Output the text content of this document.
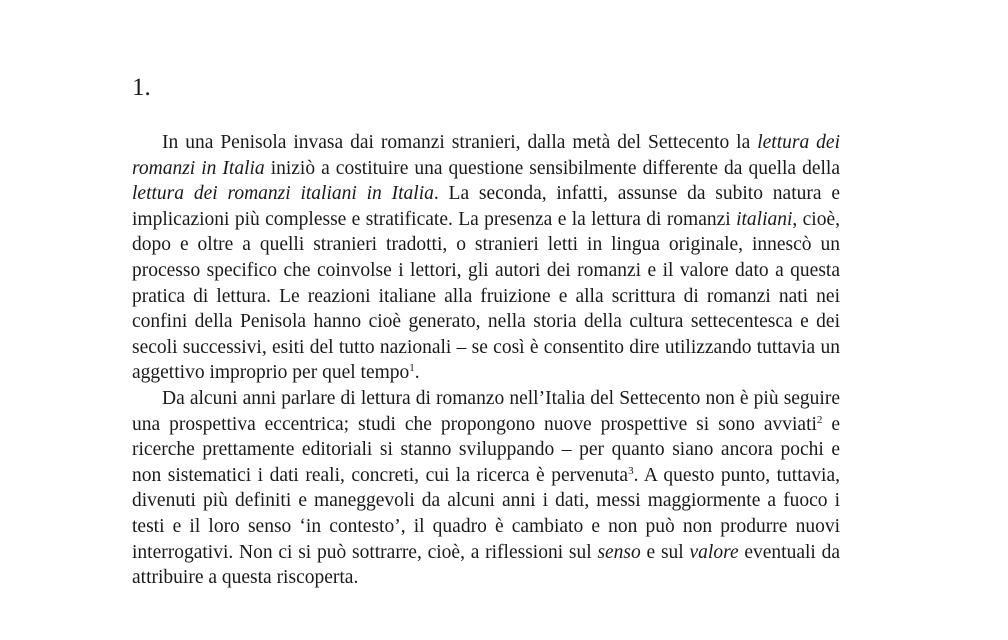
1.

In una Penisola invasa dai romanzi stranieri, dalla metà del Settecento la lettura dei romanzi in Italia iniziò a costituire una questione sensibilmente differente da quella della lettura dei romanzi italiani in Italia. La seconda, infatti, assunse da subito natura e implicazioni più complesse e stratificate. La presenza e la lettura di romanzi italiani, cioè, dopo e oltre a quelli stranieri tradotti, o stranieri letti in lingua originale, innescò un processo specifico che coinvolse i lettori, gli autori dei romanzi e il valore dato a questa pratica di lettura. Le reazioni italiane alla fruizione e alla scrittura di romanzi nati nei confini della Penisola hanno cioè generato, nella storia della cultura settecentesca e dei secoli successivi, esiti del tutto nazionali – se così è consentito dire utilizzando tuttavia un aggettivo improprio per quel tempo$^1$.

Da alcuni anni parlare di lettura di romanzo nell’Italia del Settecento non è più seguire una prospettiva eccentrica; studi che propongono nuove prospettive si sono avviati$^2$ e ricerche prettamente editoriali si stanno sviluppando – per quanto siano ancora pochi e non sistematici i dati reali, concreti, cui la ricerca è pervenuta$^3$. A questo punto, tuttavia, divenuti più definiti e maneggevoli da alcuni anni i dati, messi maggiormente a fuoco i testi e il loro senso ‘in contesto’, il quadro è cambiato e non può non produrre nuovi interrogativi. Non ci si può sottrarre, cioè, a riflessioni sul senso e sul valore eventuali da attribuire a questa riscoperta.
